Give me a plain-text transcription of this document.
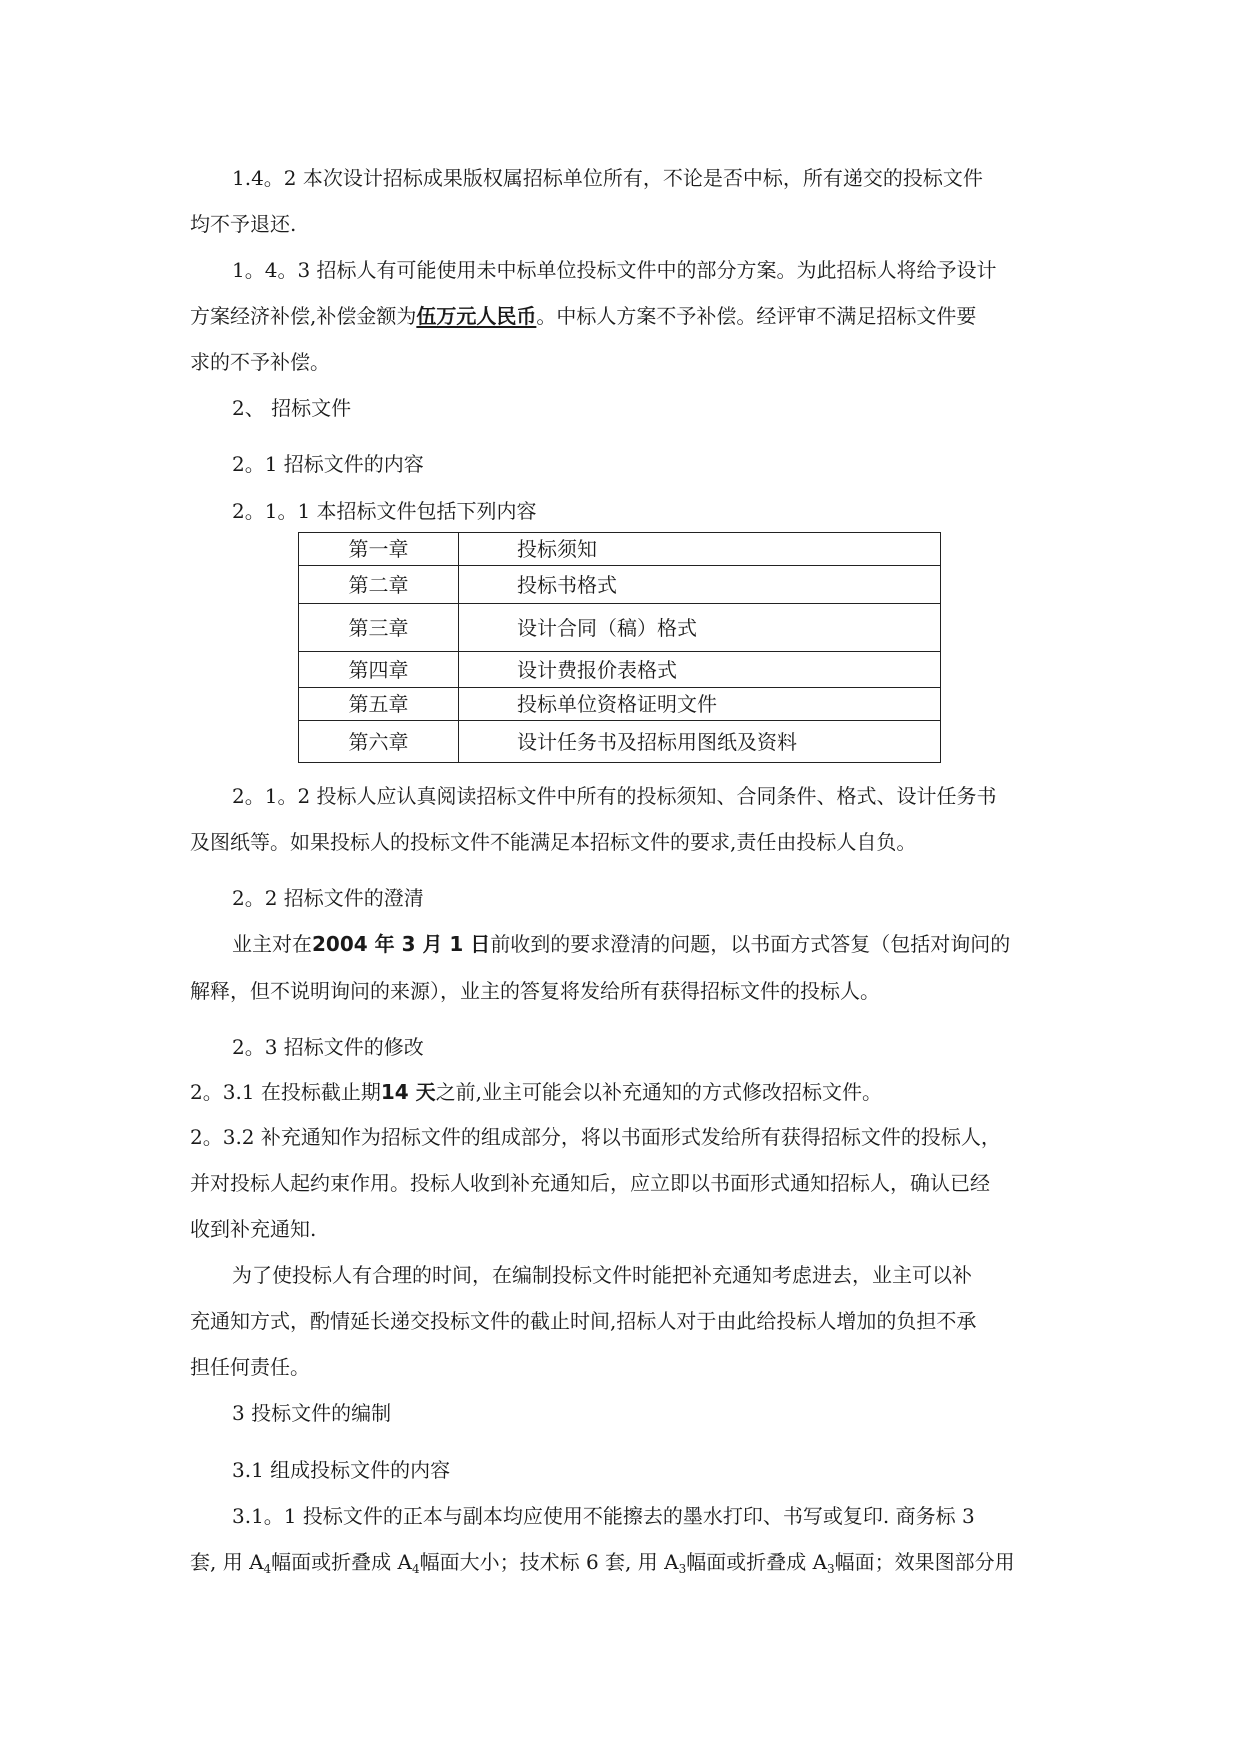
1.4。2 本次设计招标成果版权属招标单位所有，不论是否中标，所有递交的投标文件
均不予退还.
1。4。3 招标人有可能使用未中标单位投标文件中的部分方案。为此招标人将给予设计
方案经济补偿,补偿金额为伍万元人民币。中标人方案不予补偿。经评审不满足招标文件要
求的不予补偿。
2、 招标文件
2。1 招标文件的内容
2。1。1 本招标文件包括下列内容
第一章	投标须知
第二章	投标书格式
第三章	设计合同（稿）格式
第四章	设计费报价表格式
第五章	投标单位资格证明文件
第六章	设计任务书及招标用图纸及资料
2。1。2 投标人应认真阅读招标文件中所有的投标须知、合同条件、格式、设计任务书
及图纸等。如果投标人的投标文件不能满足本招标文件的要求,责任由投标人自负。
2。2 招标文件的澄清
业主对在2004 年 3 月 1 日前收到的要求澄清的问题，以书面方式答复（包括对询问的
解释，但不说明询问的来源），业主的答复将发给所有获得招标文件的投标人。
2。3 招标文件的修改
2。3.1 在投标截止期14 天之前,业主可能会以补充通知的方式修改招标文件。
2。3.2 补充通知作为招标文件的组成部分，将以书面形式发给所有获得招标文件的投标人，
并对投标人起约束作用。投标人收到补充通知后，应立即以书面形式通知招标人，确认已经
收到补充通知.
为了使投标人有合理的时间，在编制投标文件时能把补充通知考虑进去，业主可以补
充通知方式，酌情延长递交投标文件的截止时间,招标人对于由此给投标人增加的负担不承
担任何责任。
3 投标文件的编制
3.1 组成投标文件的内容
3.1。1 投标文件的正本与副本均应使用不能擦去的墨水打印、书写或复印. 商务标 3
套, 用 $A_4$幅面或折叠成 $A_4$幅面大小；技术标 6 套, 用 $A_3$幅面或折叠成 $A_3$幅面；效果图部分用
